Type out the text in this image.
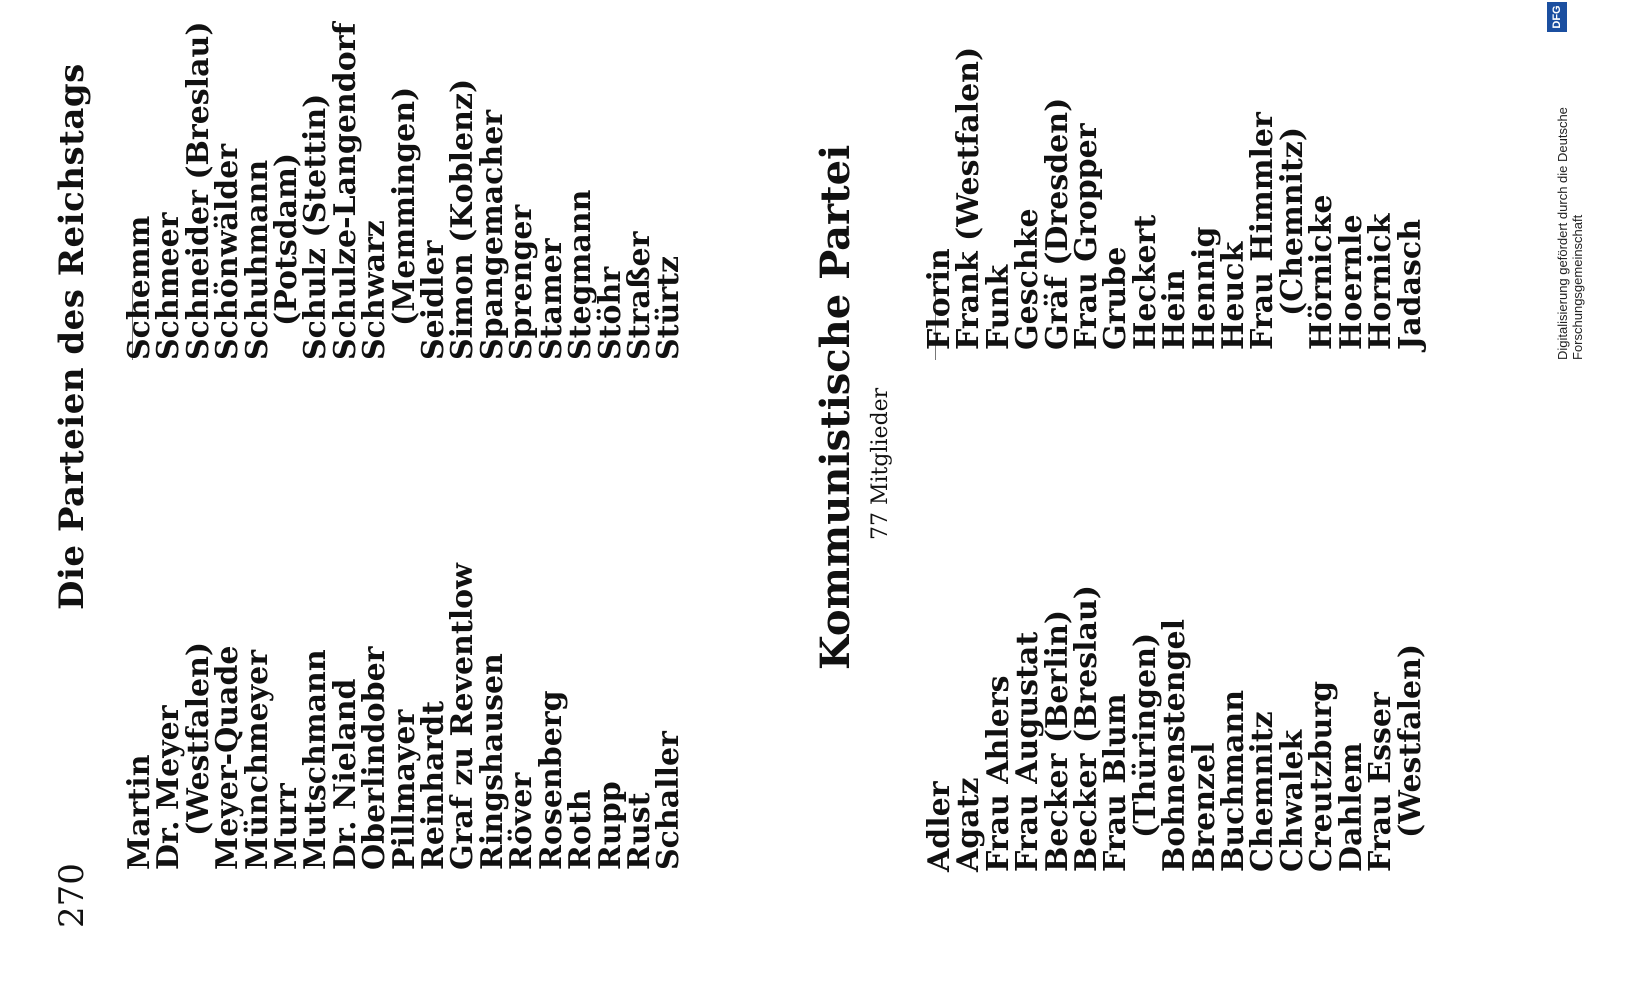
270
Die Parteien des Reichstags
Martin
Dr. Meyer
(Westfalen)
Meyer-Quade
Münchmeyer
Murr
Mutschmann
Dr. Nieland
Oberlindober
Pillmayer
Reinhardt
Graf zu Reventlow
Ringshausen
Röver
Rosenberg
Roth
Rupp
Rust
Schaller
Schemm
Schmeer
Schneider (Breslau)
Schönwälder
Schuhmann
(Potsdam)
Schulz (Stettin)
Schulze-Langendorf
Schwarz
(Memmingen)
Seidler
Simon (Koblenz)
Spangemacher
Sprenger
Stamer
Stegmann
Stöhr
Straßer
Stürtz	Kommunistische Partei 77 Mitglieder
Adler
Agatz
Frau Ahlers
Frau Augustat
Becker (Berlin)
Becker (Breslau)
Frau Blum
(Thüringen)
Bohnenstengel
Brenzel
Buchmann
Chemnitz
Chwalek
Creutzburg
Dahlem
Frau Esser
(Westfalen)
Florin
Frank (Westfalen)
Funk
Geschke
Gräf (Dresden)
Frau Gropper
Grube
Heckert
Hein
Hennig
Heuck
Frau Himmler
(Chemnitz)
Hörnicke
Hoernle
Hornick
Jadasch	Digitalisierung gefördert durch die Deutsche Forschungsgemeinschaft
DFG
